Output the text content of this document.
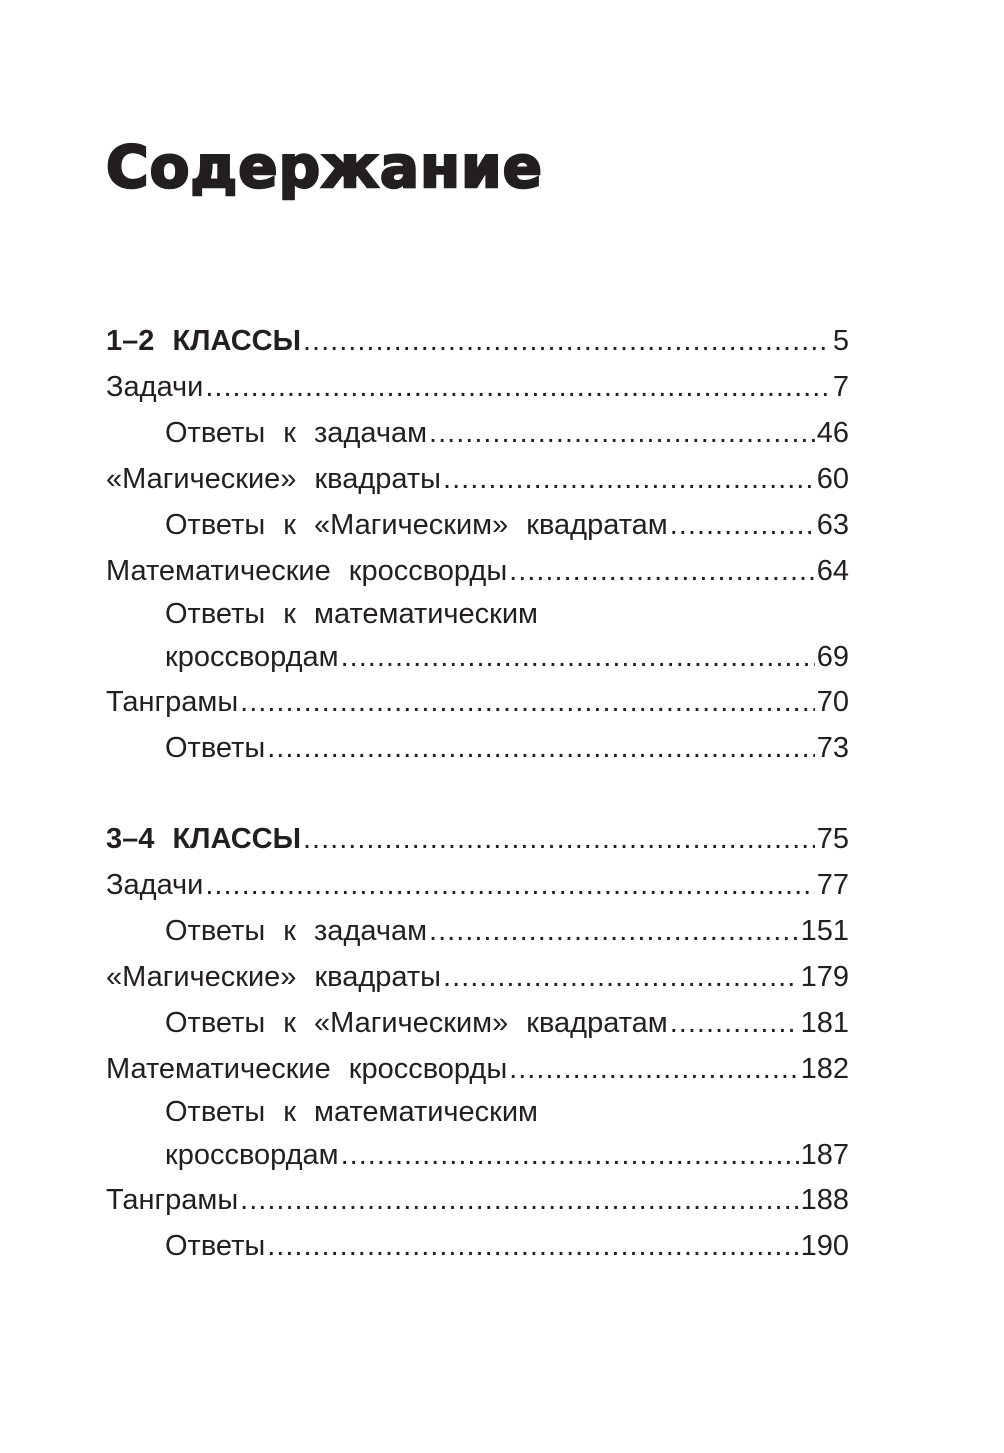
Содержание
1–2 КЛАССЫ .....	5
Задачи .....	7
Ответы к задачам .....	46
«Магические» квадраты .....	60
Ответы к «Магическим» квадратам .....	63
Математические кроссворды .....	64
Ответы к математическим
кроссвордам .....	69
Танграмы .....	70
Ответы .....	73
3–4 КЛАССЫ .....	75
Задачи .....	77
Ответы к задачам .....	151
«Магические» квадраты .....	179
Ответы к «Магическим» квадратам .....	181
Математические кроссворды .....	182
Ответы к математическим
кроссвордам .....	187
Танграмы .....	188
Ответы .....	190
